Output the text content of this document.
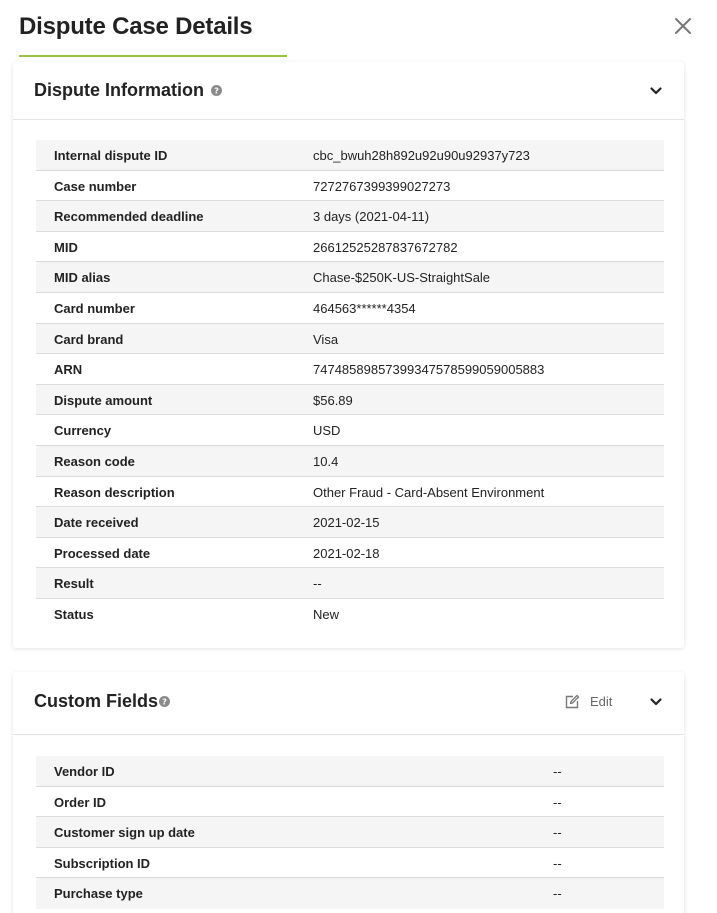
Dispute Case Details
Dispute Information ?
Internal dispute ID	cbc_bwuh28h892u92u90u92937y723
Case number	7272767399399027273
Recommended deadline	3 days (2021-04-11)
MID	26612525287837672782
MID alias	Chase-$250K-US-StraightSale
Card number	464563******4354
Card brand	Visa
ARN	74748589857399347578599059005883
Dispute amount	$56.89
Currency	USD
Reason code	10.4
Reason description	Other Fraud - Card-Absent Environment
Date received	2021-02-15
Processed date	2021-02-18
Result	--
Status	New
Custom Fields ?	Edit
Vendor ID	--
Order ID	--
Customer sign up date	--
Subscription ID	--
Purchase type	--
